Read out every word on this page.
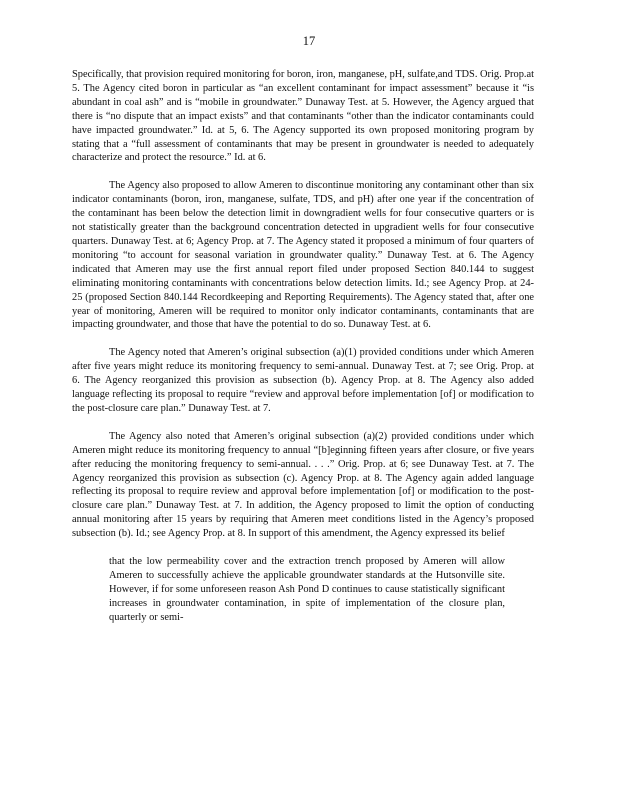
17

Specifically, that provision required monitoring for boron, iron, manganese, pH, sulfate,and TDS. Orig. Prop.at 5. The Agency cited boron in particular as “an excellent contaminant for impact assessment” because it “is abundant in coal ash” and is “mobile in groundwater.” Dunaway Test. at 5. However, the Agency argued that there is “no dispute that an impact exists” and that contaminants “other than the indicator contaminants could have impacted groundwater.” Id. at 5, 6. The Agency supported its own proposed monitoring program by stating that a “full assessment of contaminants that may be present in groundwater is needed to adequately characterize and protect the resource.” Id. at 6.

The Agency also proposed to allow Ameren to discontinue monitoring any contaminant other than six indicator contaminants (boron, iron, manganese, sulfate, TDS, and pH) after one year if the concentration of the contaminant has been below the detection limit in downgradient wells for four consecutive quarters or is not statistically greater than the background concentration detected in upgradient wells for four consecutive quarters. Dunaway Test. at 6; Agency Prop. at 7. The Agency stated it proposed a minimum of four quarters of monitoring “to account for seasonal variation in groundwater quality.” Dunaway Test. at 6. The Agency indicated that Ameren may use the first annual report filed under proposed Section 840.144 to suggest eliminating monitoring contaminants with concentrations below detection limits. Id.; see Agency Prop. at 24-25 (proposed Section 840.144 Recordkeeping and Reporting Requirements). The Agency stated that, after one year of monitoring, Ameren will be required to monitor only indicator contaminants, contaminants that are impacting groundwater, and those that have the potential to do so. Dunaway Test. at 6.

The Agency noted that Ameren’s original subsection (a)(1) provided conditions under which Ameren after five years might reduce its monitoring frequency to semi-annual. Dunaway Test. at 7; see Orig. Prop. at 6. The Agency reorganized this provision as subsection (b). Agency Prop. at 8. The Agency also added language reflecting its proposal to require “review and approval before implementation [of] or modification to the post-closure care plan.” Dunaway Test. at 7.

The Agency also noted that Ameren’s original subsection (a)(2) provided conditions under which Ameren might reduce its monitoring frequency to annual “[b]eginning fifteen years after closure, or five years after reducing the monitoring frequency to semi-annual. . . .” Orig. Prop. at 6; see Dunaway Test. at 7. The Agency reorganized this provision as subsection (c). Agency Prop. at 8. The Agency again added language reflecting its proposal to require review and approval before implementation [of] or modification to the post-closure care plan.” Dunaway Test. at 7. In addition, the Agency proposed to limit the option of conducting annual monitoring after 15 years by requiring that Ameren meet conditions listed in the Agency’s proposed subsection (b). Id.; see Agency Prop. at 8. In support of this amendment, the Agency expressed its belief

that the low permeability cover and the extraction trench proposed by Ameren will allow Ameren to successfully achieve the applicable groundwater standards at the Hutsonville site. However, if for some unforeseen reason Ash Pond D continues to cause statistically significant increases in groundwater contamination, in spite of implementation of the closure plan, quarterly or semi-
